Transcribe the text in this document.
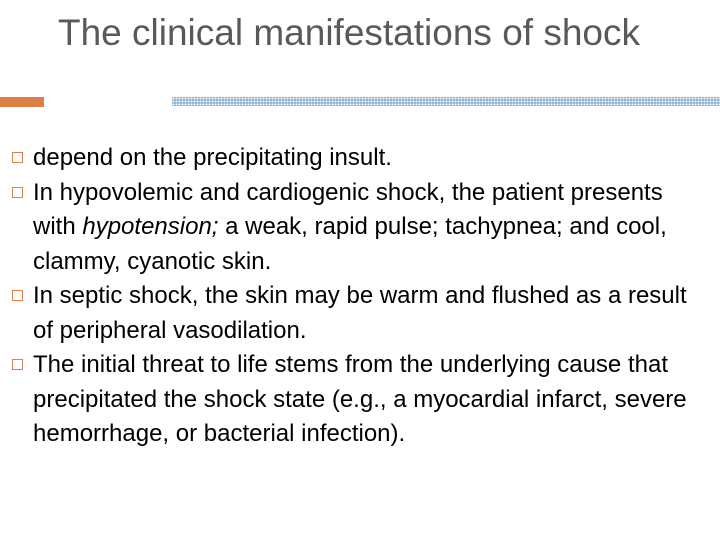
The clinical manifestations of shock
depend on the precipitating insult.
In hypovolemic and cardiogenic shock, the patient presents with hypotension; a weak, rapid pulse; tachypnea; and cool, clammy, cyanotic skin.
In septic shock, the skin may be warm and flushed as a result of peripheral vasodilation.
The initial threat to life stems from the underlying cause that precipitated the shock state (e.g., a myocardial infarct, severe hemorrhage, or bacterial infection).
